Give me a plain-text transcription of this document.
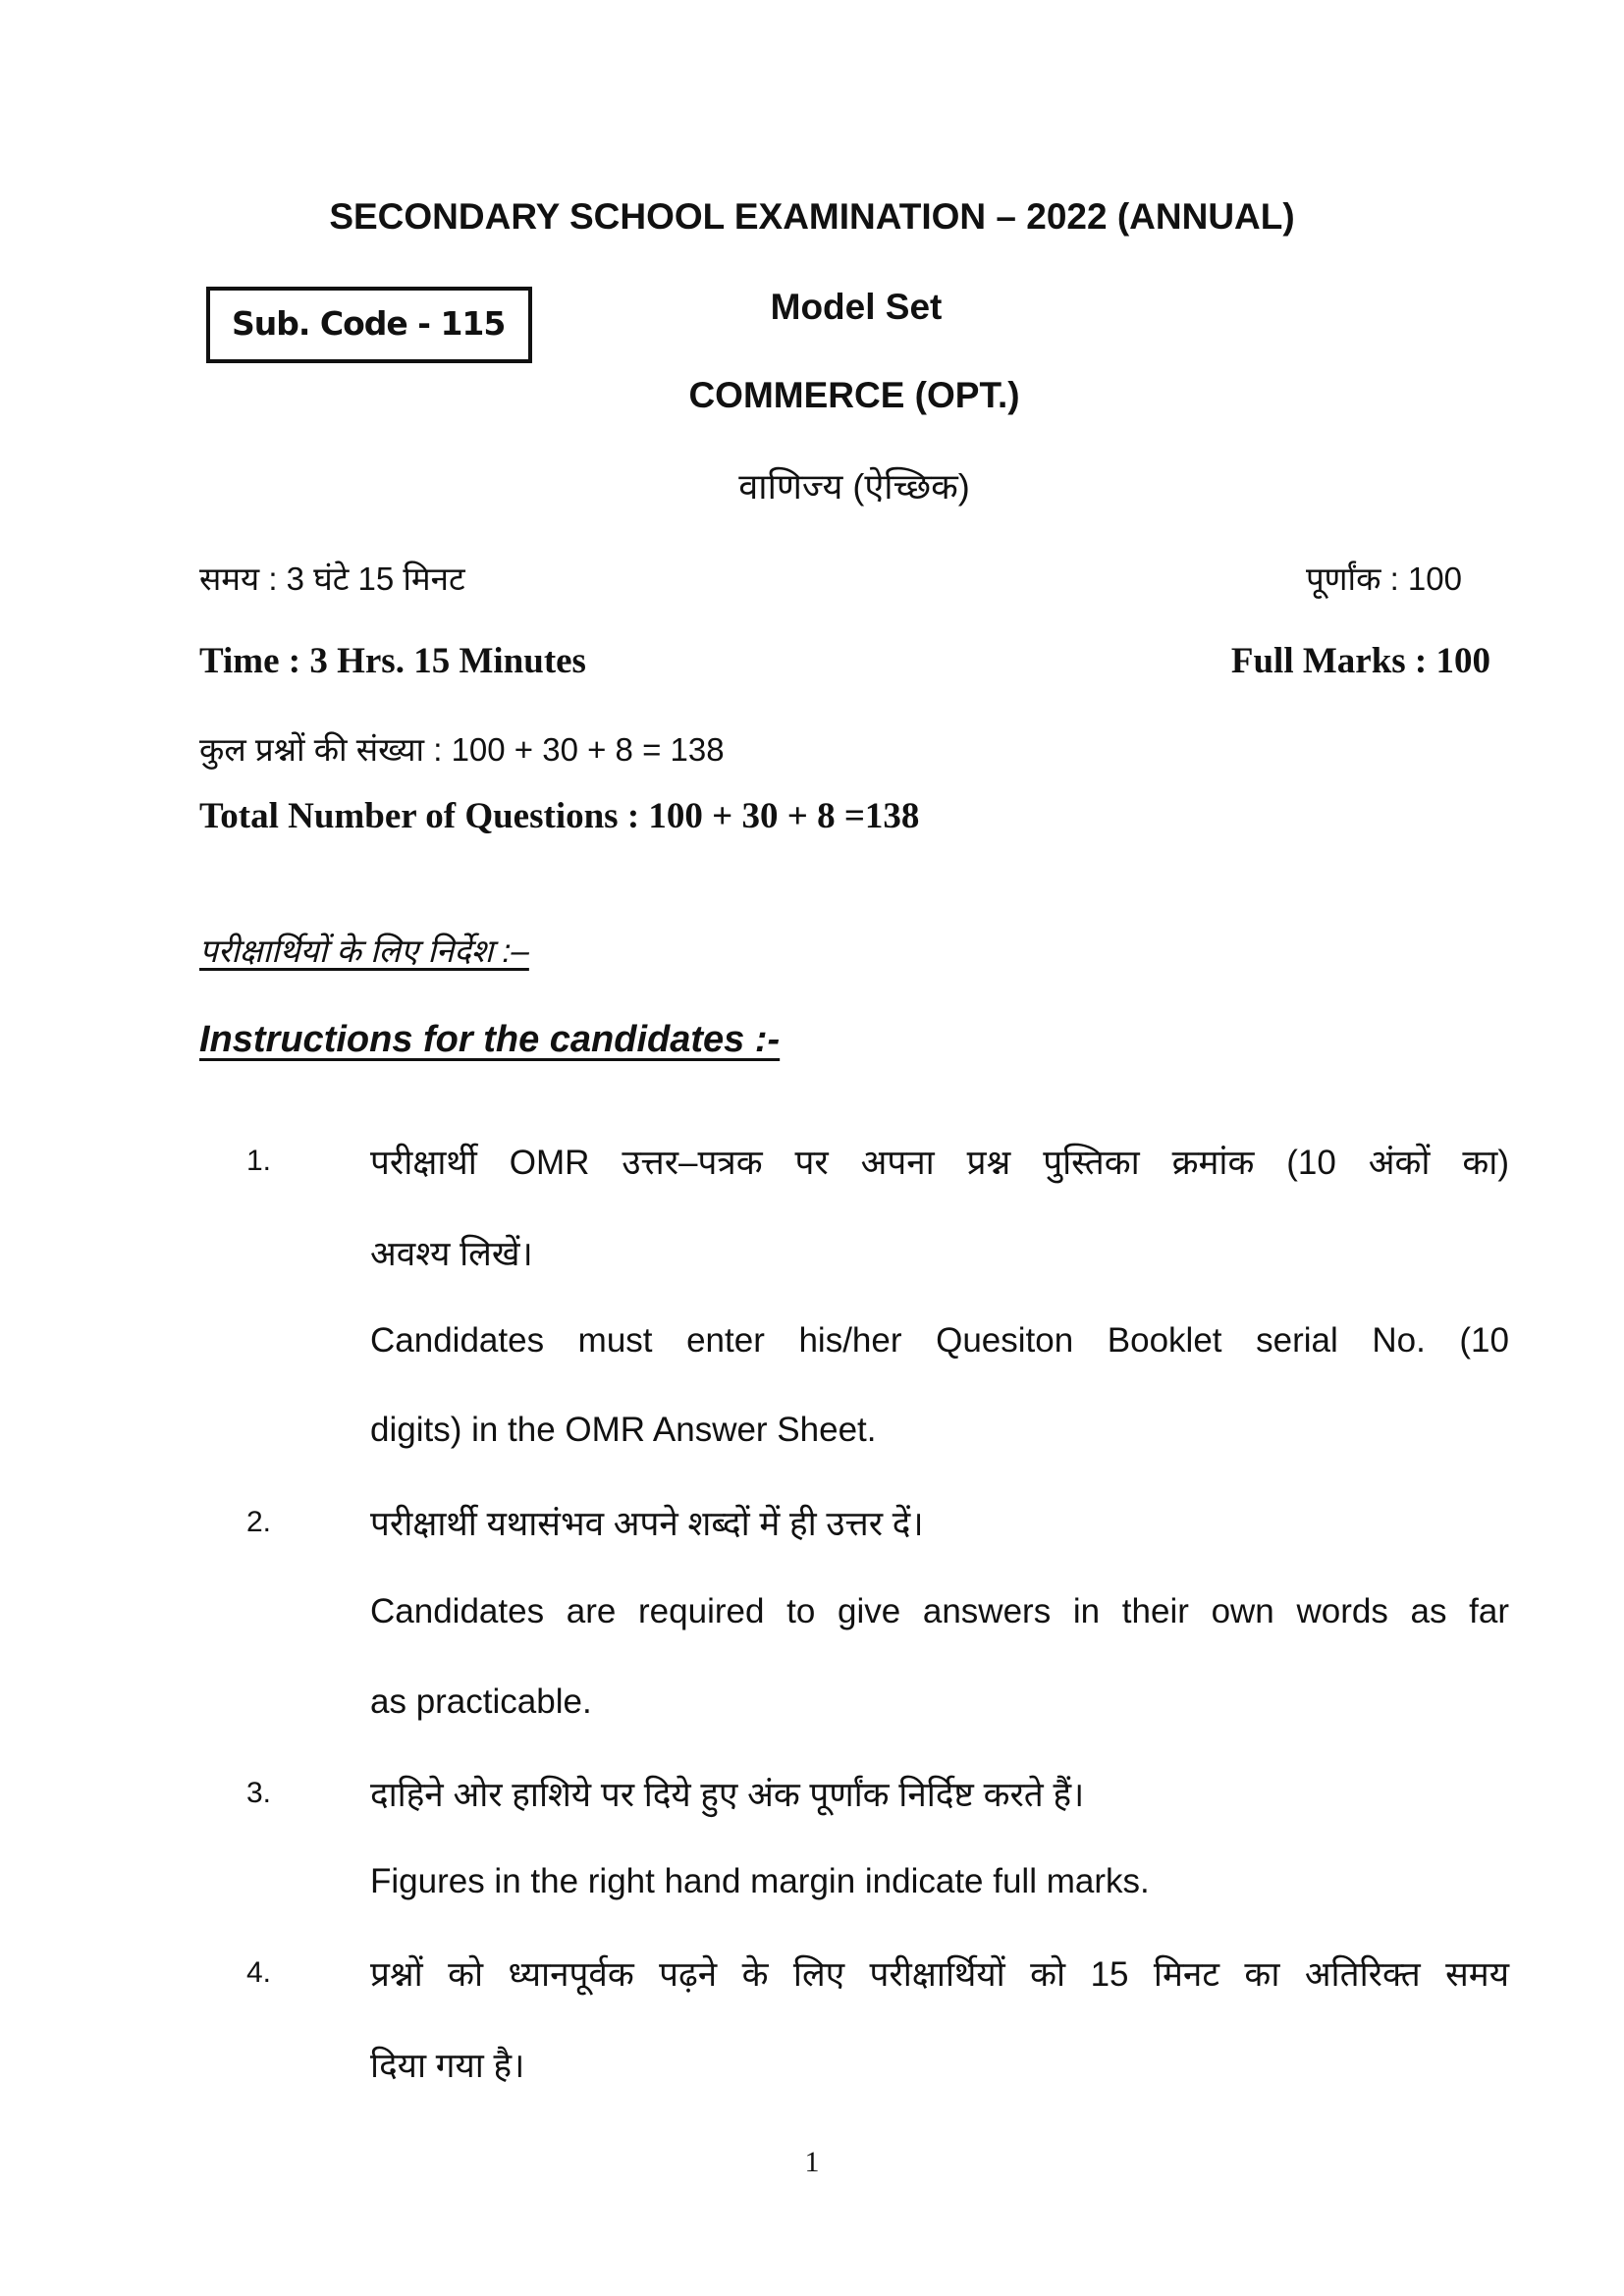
SECONDARY SCHOOL EXAMINATION – 2022 (ANNUAL)
Sub. Code - 115	Model Set
COMMERCE (OPT.)
वाणिज्य (ऐच्छिक)
समय : 3 घंटे 15 मिनट	पूर्णांक : 100
Time : 3 Hrs. 15 Minutes	Full Marks : 100
कुल प्रश्नों की संख्या : 100 + 30 + 8 = 138
Total Number of Questions : 100 + 30 + 8 =138
परीक्षार्थियों के लिए निर्देश :–
Instructions for the candidates :-
1.	परीक्षार्थी OMR उत्तर–पत्रक पर अपना प्रश्न पुस्तिका क्रमांक (10 अंकों का)
अवश्य लिखें।
Candidates must enter his/her Quesiton Booklet serial No. (10
digits) in the OMR Answer Sheet.
2.	परीक्षार्थी यथासंभव अपने शब्दों में ही उत्तर दें।
Candidates are required to give answers in their own words as far
as practicable.
3.	दाहिने ओर हाशिये पर दिये हुए अंक पूर्णांक निर्दिष्ट करते हैं।
Figures in the right hand margin indicate full marks.
4.	प्रश्नों को ध्यानपूर्वक पढ़ने के लिए परीक्षार्थियों को 15 मिनट का अतिरिक्त समय
दिया गया है।
1
